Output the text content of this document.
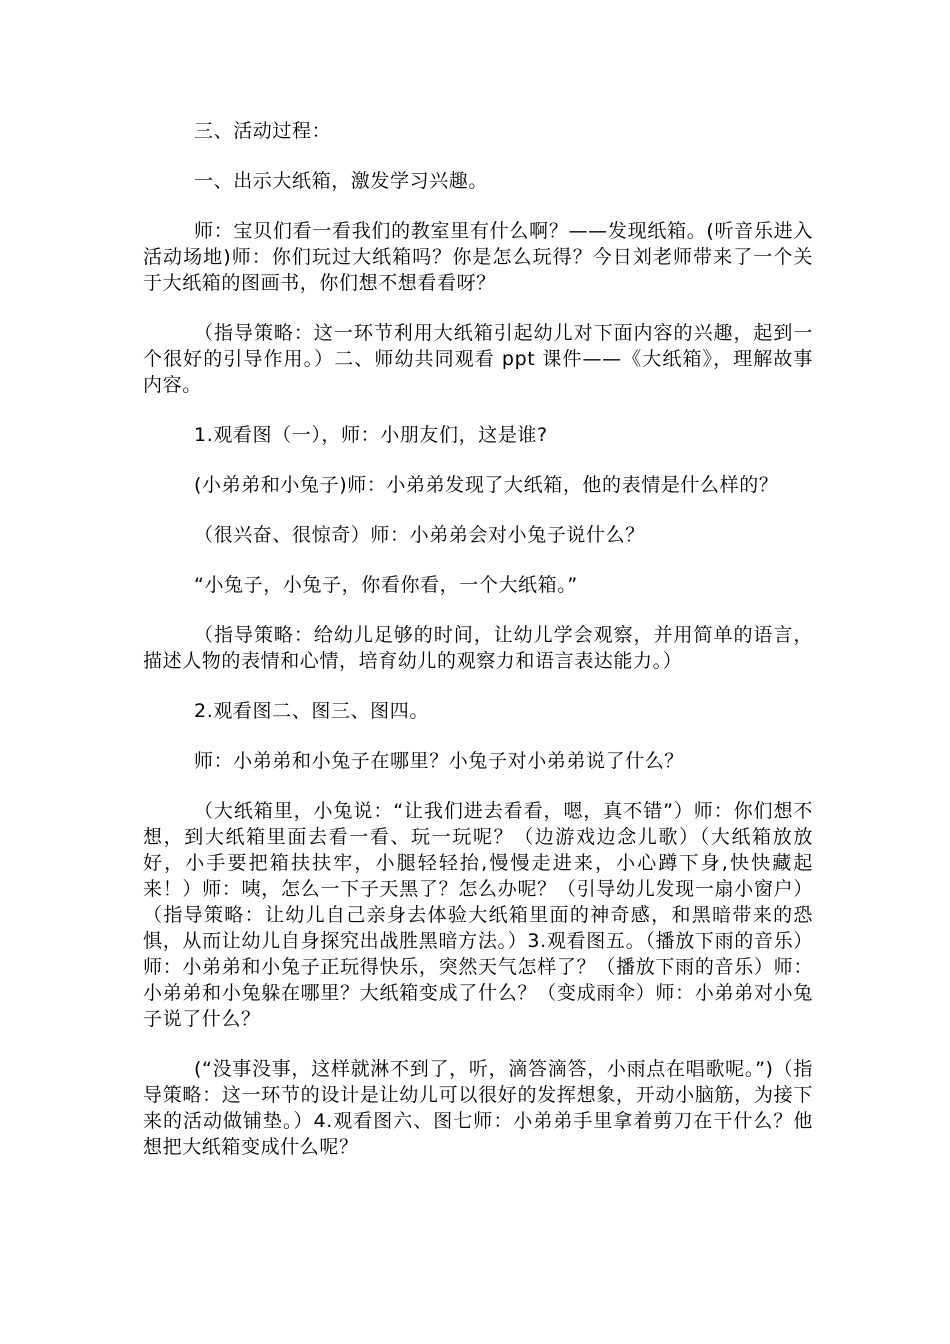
三、活动过程：

一、出示大纸箱，激发学习兴趣。

师：宝贝们看一看我们的教室里有什么啊？——发现纸箱。(听音乐进入活动场地)师：你们玩过大纸箱吗？你是怎么玩得？今日刘老师带来了一个关于大纸箱的图画书，你们想不想看看呀？

（指导策略：这一环节利用大纸箱引起幼儿对下面内容的兴趣，起到一个很好的引导作用。）二、师幼共同观看 ppt 课件——《大纸箱》，理解故事内容。

1.观看图（一），师：小朋友们，这是谁?

(小弟弟和小兔子)师：小弟弟发现了大纸箱，他的表情是什么样的？

（很兴奋、很惊奇）师：小弟弟会对小兔子说什么？

“小兔子，小兔子，你看你看，一个大纸箱。”

（指导策略：给幼儿足够的时间，让幼儿学会观察，并用简单的语言，描述人物的表情和心情，培育幼儿的观察力和语言表达能力。）

2.观看图二、图三、图四。

师：小弟弟和小兔子在哪里？小兔子对小弟弟说了什么？

（大纸箱里，小兔说：“让我们进去看看，嗯，真不错”）师：你们想不想，到大纸箱里面去看一看、玩一玩呢？（边游戏边念儿歌）（大纸箱放放好，小手要把箱扶扶牢，小腿轻轻抬,慢慢走进来，小心蹲下身,快快藏起来！）师：咦，怎么一下子天黑了？怎么办呢？（引导幼儿发现一扇小窗户）（指导策略：让幼儿自己亲身去体验大纸箱里面的神奇感，和黑暗带来的恐惧，从而让幼儿自身探究出战胜黑暗方法。）3.观看图五。（播放下雨的音乐）师：小弟弟和小兔子正玩得快乐，突然天气怎样了？（播放下雨的音乐）师：小弟弟和小兔躲在哪里？大纸箱变成了什么？（变成雨伞）师：小弟弟对小兔子说了什么？

(“没事没事，这样就淋不到了，听，滴答滴答，小雨点在唱歌呢。”)（指导策略：这一环节的设计是让幼儿可以很好的发挥想象，开动小脑筋，为接下来的活动做铺垫。）4.观看图六、图七师：小弟弟手里拿着剪刀在干什么？他想把大纸箱变成什么呢？
